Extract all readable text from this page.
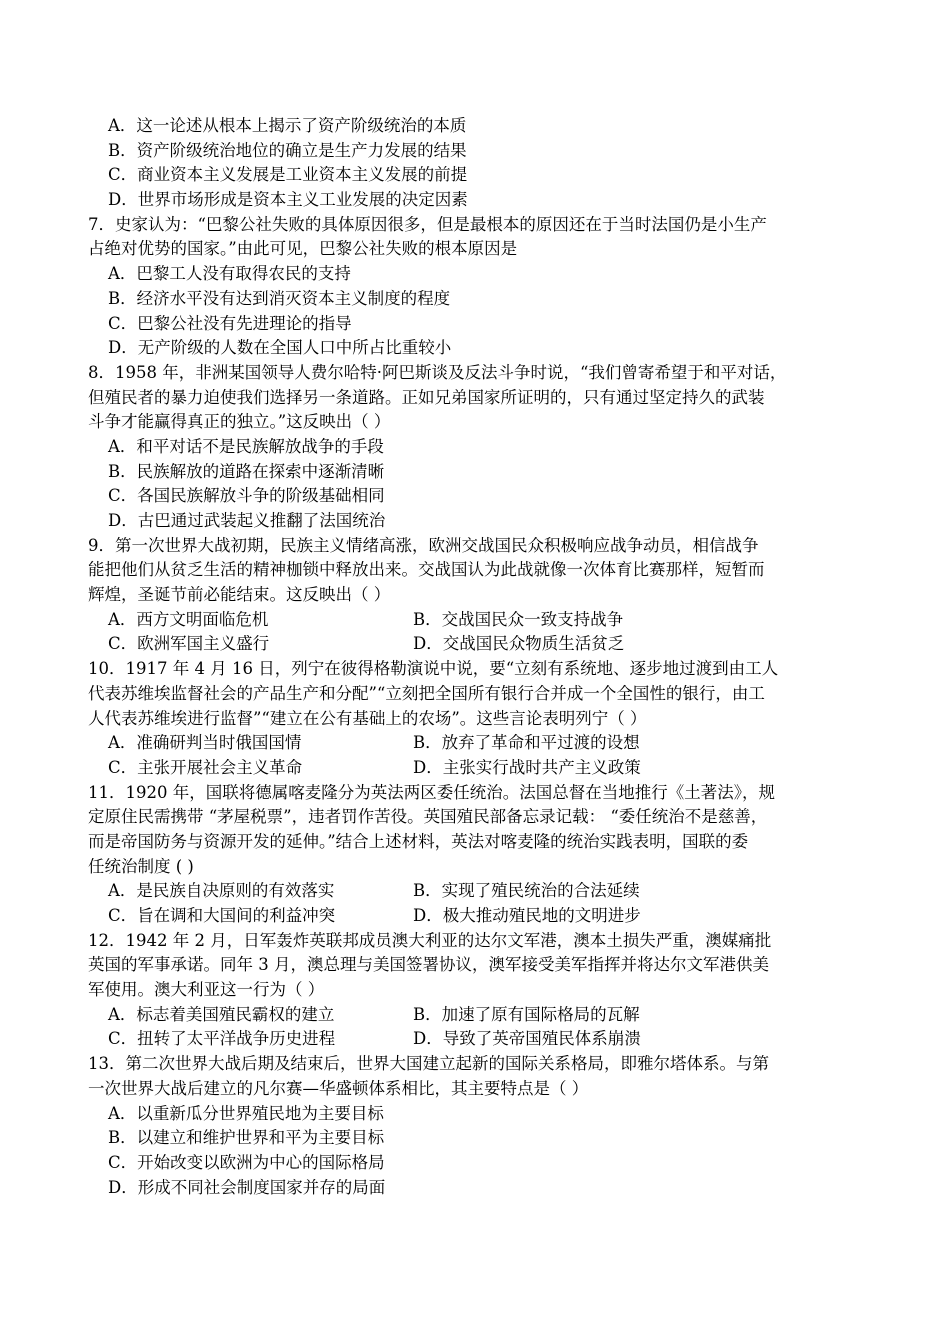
A．这一论述从根本上揭示了资产阶级统治的本质
B．资产阶级统治地位的确立是生产力发展的结果
C．商业资本主义发展是工业资本主义发展的前提
D．世界市场形成是资本主义工业发展的决定因素
7．史家认为：“巴黎公社失败的具体原因很多，但是最根本的原因还在于当时法国仍是小生产
占绝对优势的国家。”由此可见，巴黎公社失败的根本原因是
A．巴黎工人没有取得农民的支持
B．经济水平没有达到消灭资本主义制度的程度
C．巴黎公社没有先进理论的指导
D．无产阶级的人数在全国人口中所占比重较小
8．1958 年，非洲某国领导人费尔哈特·阿巴斯谈及反法斗争时说，“我们曾寄希望于和平对话，
但殖民者的暴力迫使我们选择另一条道路。正如兄弟国家所证明的，只有通过坚定持久的武装
斗争才能赢得真正的独立。”这反映出（ ）
A．和平对话不是民族解放战争的手段
B．民族解放的道路在探索中逐渐清晰
C．各国民族解放斗争的阶级基础相同
D．古巴通过武装起义推翻了法国统治
9．第一次世界大战初期，民族主义情绪高涨，欧洲交战国民众积极响应战争动员，相信战争
能把他们从贫乏生活的精神枷锁中释放出来。交战国认为此战就像一次体育比赛那样，短暂而
辉煌，圣诞节前必能结束。这反映出（ ）
A．西方文明面临危机	B．交战国民众一致支持战争
C．欧洲军国主义盛行	D．交战国民众物质生活贫乏
10．1917 年 4 月 16 日，列宁在彼得格勒演说中说，要“立刻有系统地、逐步地过渡到由工人
代表苏维埃监督社会的产品生产和分配”“立刻把全国所有银行合并成一个全国性的银行，由工
人代表苏维埃进行监督”“建立在公有基础上的农场”。这些言论表明列宁（ ）
A．准确研判当时俄国国情	B．放弃了革命和平过渡的设想
C．主张开展社会主义革命	D．主张实行战时共产主义政策
11．1920 年，国联将德属喀麦隆分为英法两区委任统治。法国总督在当地推行《土著法》，规
定原住民需携带 “茅屋税票”，违者罚作苦役。英国殖民部备忘录记载： “委任统治不是慈善，
而是帝国防务与资源开发的延伸。”结合上述材料，英法对喀麦隆的统治实践表明，国联的委
任统治制度 ( )
A．是民族自决原则的有效落实	B．实现了殖民统治的合法延续
C．旨在调和大国间的利益冲突	D．极大推动殖民地的文明进步
12．1942 年 2 月，日军轰炸英联邦成员澳大利亚的达尔文军港，澳本土损失严重，澳媒痛批
英国的军事承诺。同年 3 月，澳总理与美国签署协议，澳军接受美军指挥并将达尔文军港供美
军使用。澳大利亚这一行为（ ）
A．标志着美国殖民霸权的建立	B．加速了原有国际格局的瓦解
C．扭转了太平洋战争历史进程	D．导致了英帝国殖民体系崩溃
13．第二次世界大战后期及结束后，世界大国建立起新的国际关系格局，即雅尔塔体系。与第
一次世界大战后建立的凡尔赛—华盛顿体系相比，其主要特点是（ ）
A．以重新瓜分世界殖民地为主要目标
B．以建立和维护世界和平为主要目标
C．开始改变以欧洲为中心的国际格局
D．形成不同社会制度国家并存的局面
